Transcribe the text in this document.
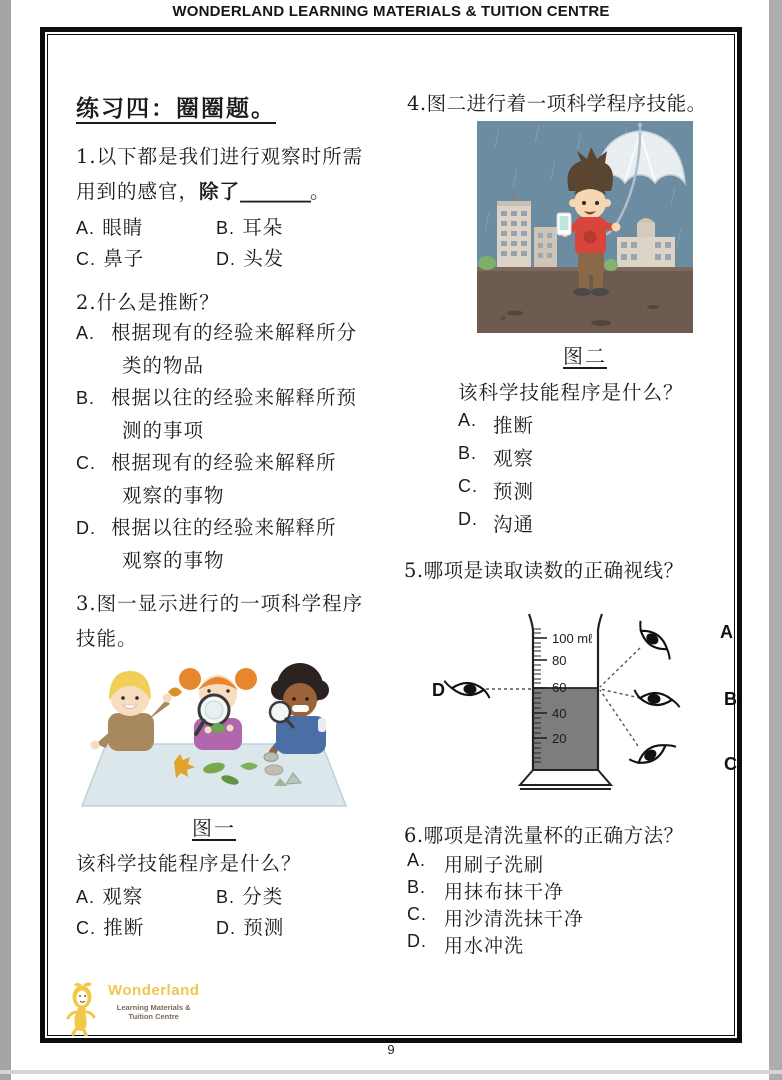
WONDERLAND LEARNING MATERIALS & TUITION CENTRE
练习四：圈圈题。
1.以下都是我们进行观察时所需
用到的感官，除了________。
A. 眼睛	B. 耳朵
C. 鼻子	D. 头发
2.什么是推断？
A. 根据现有的经验来解释所分
类的物品
B. 根据以往的经验来解释所预
测的事项
C. 根据现有的经验来解释所
观察的事物
D. 根据以往的经验来解释所
观察的事物
3.图一显示进行的一项科学程序
技能。
图一
该科学技能程序是什么？
A. 观察	B. 分类
C. 推断	D. 预测
4.图二进行着一项科学程序技能。
图二
该科学技能程序是什么？
A. 推断
B. 观察
C. 预测
D. 沟通
5.哪项是读取读数的正确视线？
100 mℓ
80
60
40
20
A
B
C
D
6.哪项是清洗量杯的正确方法？
A. 用刷子洗刷
B. 用抹布抹干净
C. 用沙清洗抹干净
D. 用水冲洗
Wonderland
Learning Materials &
Tuition Centre
9
